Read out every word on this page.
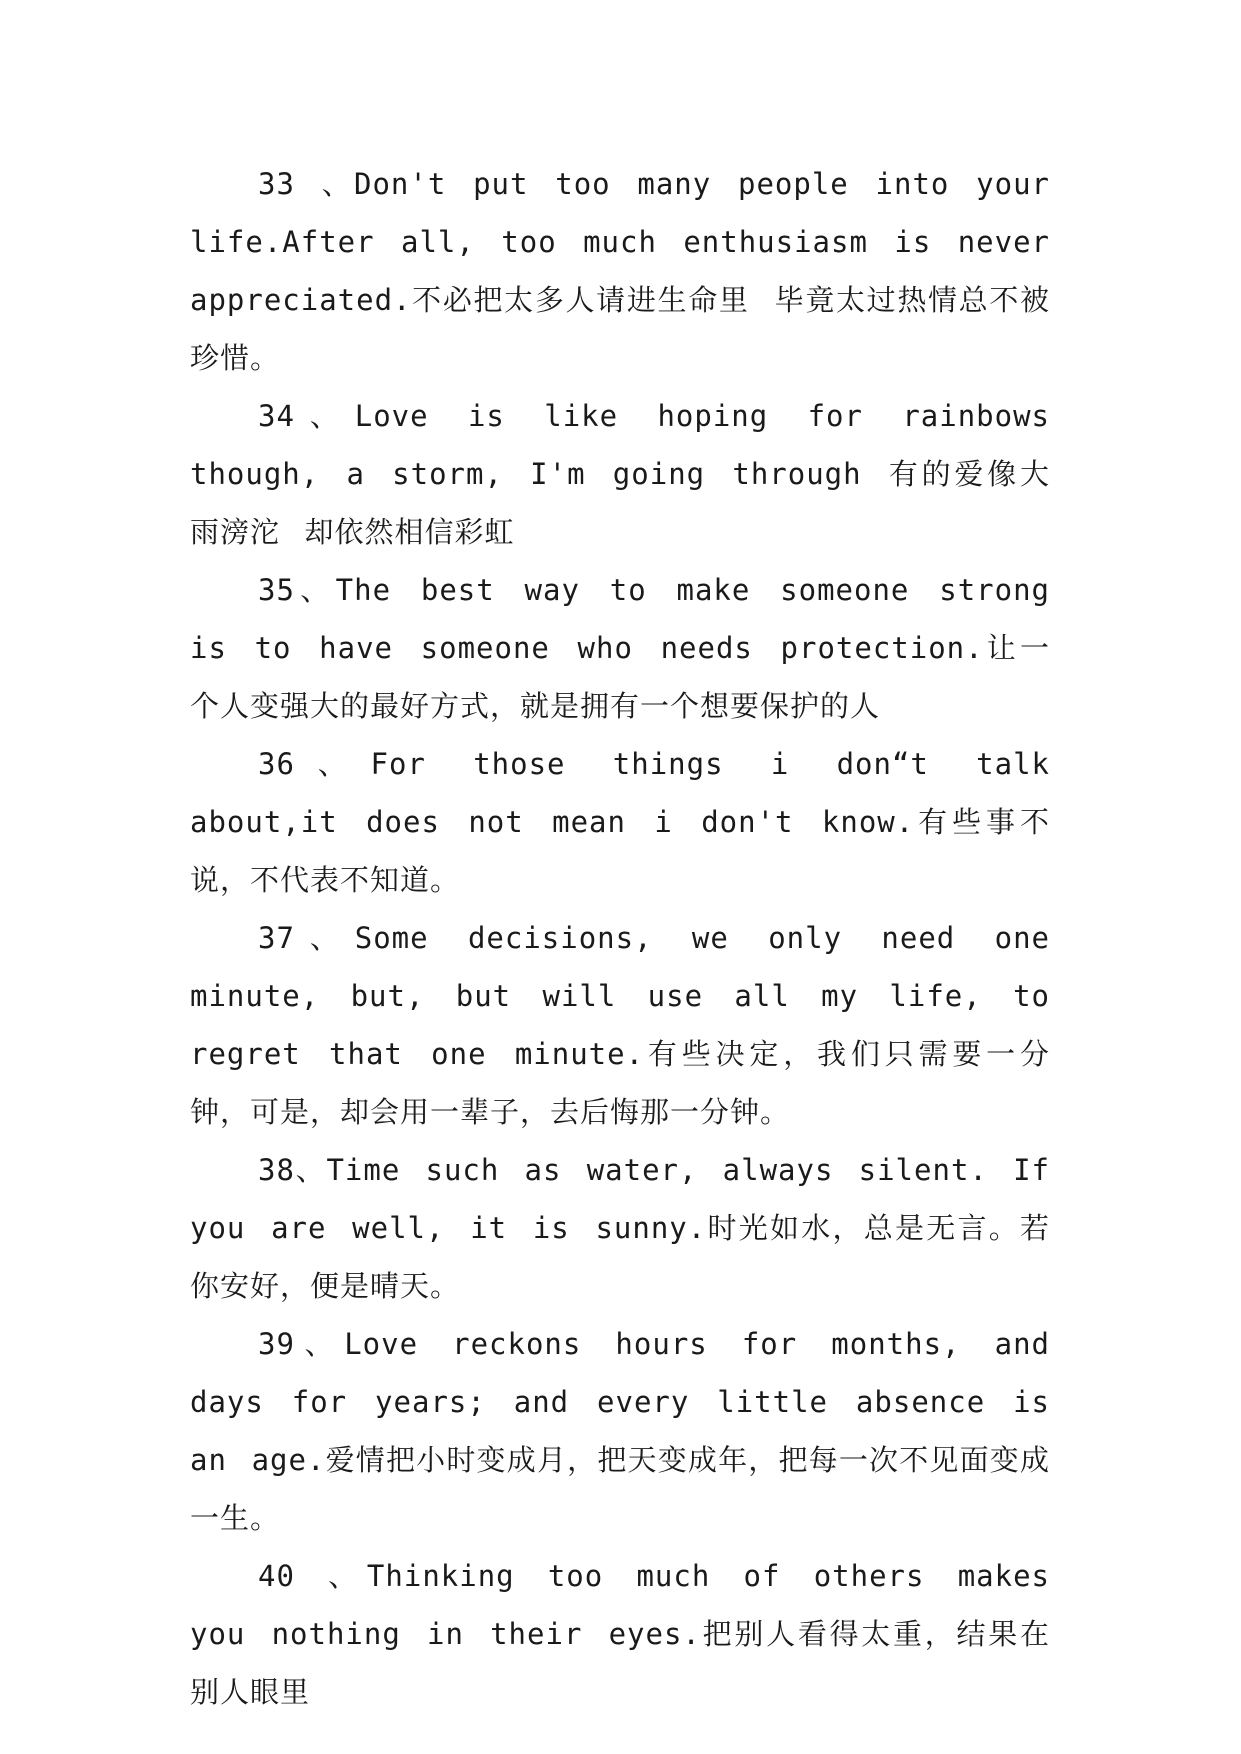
33 、Don't put too many people into your life.After all, too much enthusiasm is never appreciated.不必把太多人请进生命里 毕竟太过热情总不被珍惜。

34、Love is like hoping for rainbows though, a storm, I'm going through 有的爱像大雨滂沱 却依然相信彩虹

35、The best way to make someone strong is to have someone who needs protection.让一个人变强大的最好方式，就是拥有一个想要保护的人

36、For those things i don“t talk about,it does not mean i don't know.有些事不说，不代表不知道。

37、Some decisions, we only need one minute, but, but will use all my life, to regret that one minute.有些决定，我们只需要一分钟，可是，却会用一辈子，去后悔那一分钟。

38、Time such as water, always silent. If you are well, it is sunny.时光如水，总是无言。若你安好，便是晴天。

39、Love reckons hours for months, and days for years; and every little absence is an age.爱情把小时变成月，把天变成年，把每一次不见面变成一生。

40 、Thinking too much of others makes you nothing in their eyes.把别人看得太重，结果在别人眼里
